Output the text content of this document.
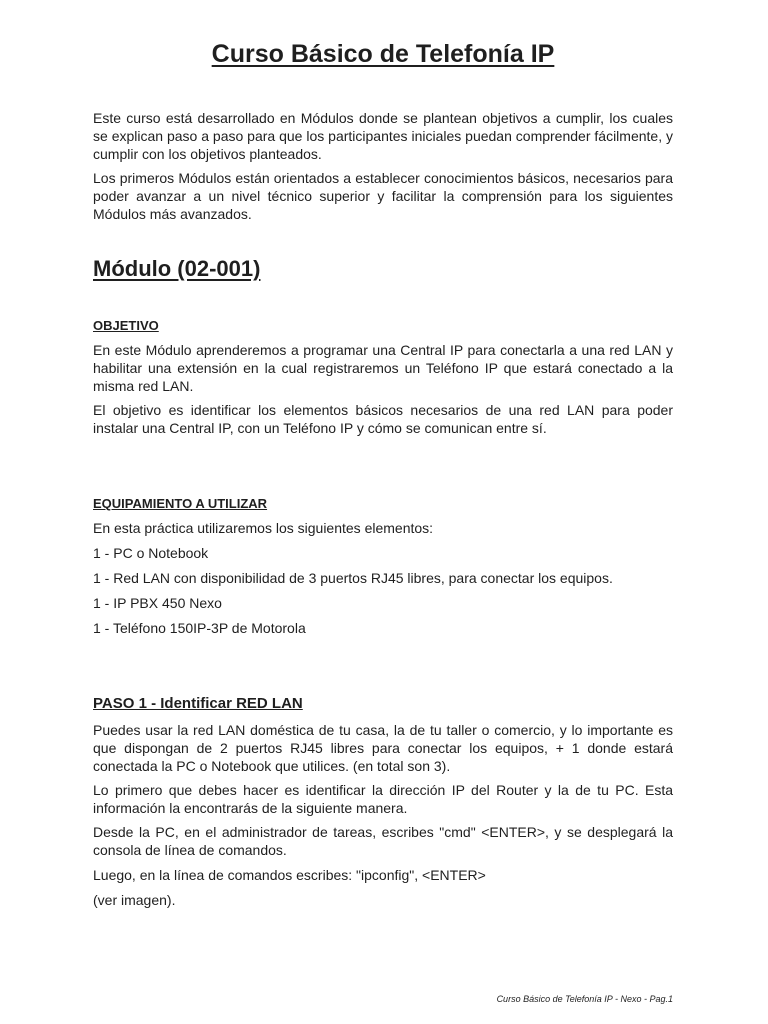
Curso Básico de Telefonía IP

Este curso está desarrollado en Módulos donde se plantean objetivos a cumplir, los cuales se explican paso a paso para que los participantes iniciales puedan comprender fácilmente, y cumplir con los objetivos planteados.

Los primeros Módulos están orientados a establecer conocimientos básicos, necesarios para poder avanzar a un nivel técnico superior y facilitar la comprensión para los siguientes Módulos más avanzados.

Módulo (02-001)
OBJETIVO

En este Módulo aprenderemos a programar una Central IP para conectarla a una red LAN y habilitar una extensión en la cual registraremos un Teléfono IP que estará conectado a la misma red LAN.

El objetivo es identificar los elementos básicos necesarios de una red LAN para poder instalar una Central IP, con un Teléfono IP y cómo se comunican entre sí.

EQUIPAMIENTO A UTILIZAR

En esta práctica utilizaremos los siguientes elementos:

1 - PC o Notebook

1 - Red LAN con disponibilidad de 3 puertos RJ45 libres, para conectar los equipos.

1 - IP PBX 450 Nexo

1 - Teléfono 150IP-3P de Motorola

PASO 1 - Identificar RED LAN

Puedes usar la red LAN doméstica de tu casa, la de tu taller o comercio, y lo importante es que dispongan de 2 puertos RJ45 libres para conectar los equipos, + 1 donde estará conectada la PC o Notebook que utilices. (en total son 3).

Lo primero que debes hacer es identificar la dirección IP del Router y la de tu PC. Esta información la encontrarás de la siguiente manera.

Desde la PC, en el administrador de tareas, escribes "cmd" <ENTER>, y se desplegará la consola de línea de comandos.

Luego, en la línea de comandos escribes: "ipconfig", <ENTER>

(ver imagen).

Curso Básico de Telefonía IP - Nexo - Pag.1
